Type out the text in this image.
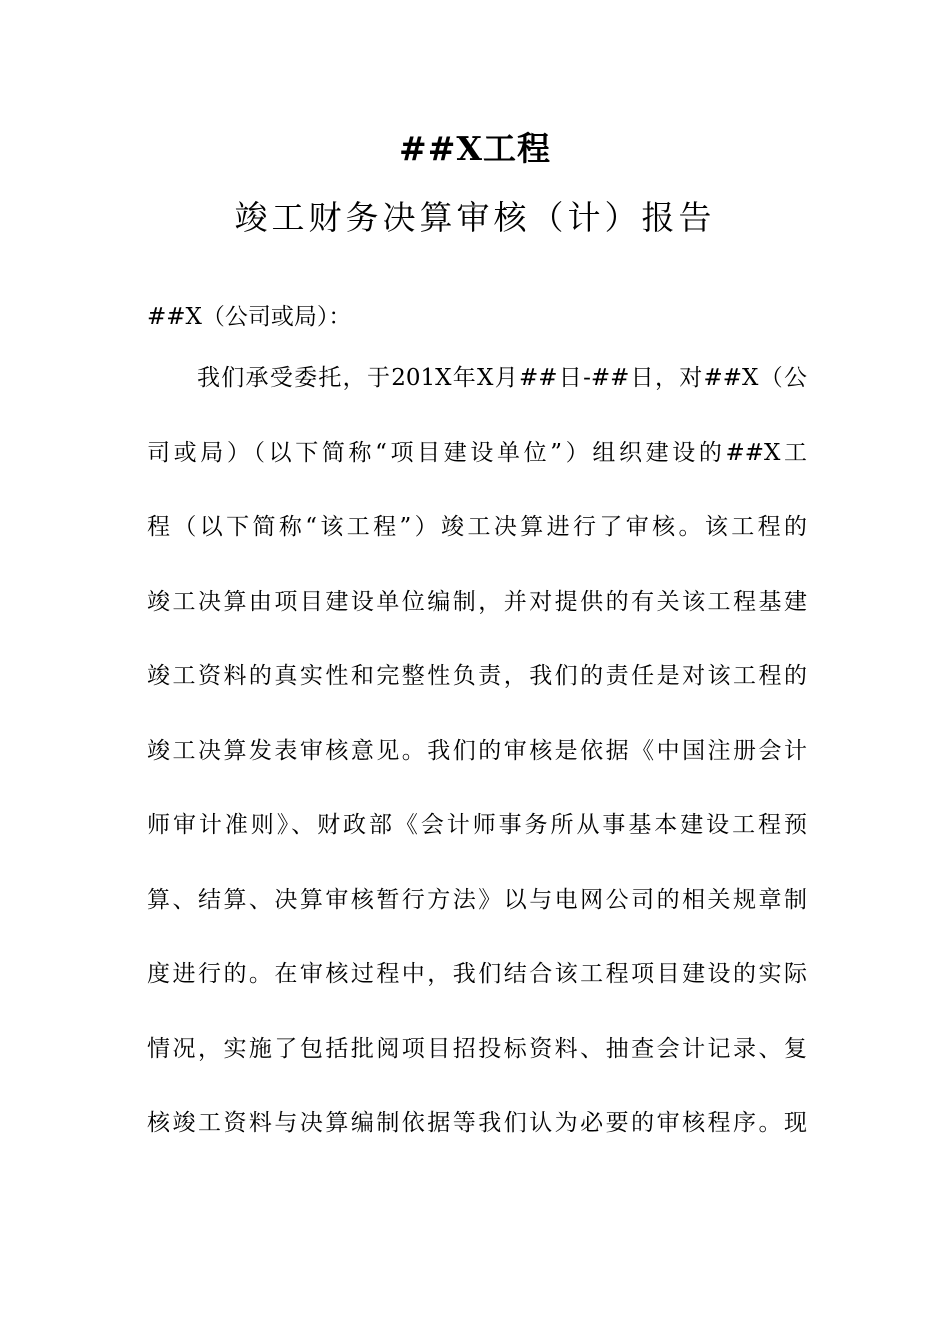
##X工程
竣工财务决算审核（计）报告
##X（公司或局）：
我们承受委托，于201X年X月##日-##日，对##X（公
司或局）（以下简称“项目建设单位”）组织建设的##X工
程（以下简称“该工程”）竣工决算进行了审核。该工程的
竣工决算由项目建设单位编制，并对提供的有关该工程基建
竣工资料的真实性和完整性负责，我们的责任是对该工程的
竣工决算发表审核意见。我们的审核是依据《中国注册会计
师审计准则》、财政部《会计师事务所从事基本建设工程预
算、结算、决算审核暂行方法》以与电网公司的相关规章制
度进行的。在审核过程中，我们结合该工程项目建设的实际
情况，实施了包括批阅项目招投标资料、抽查会计记录、复
核竣工资料与决算编制依据等我们认为必要的审核程序。现
